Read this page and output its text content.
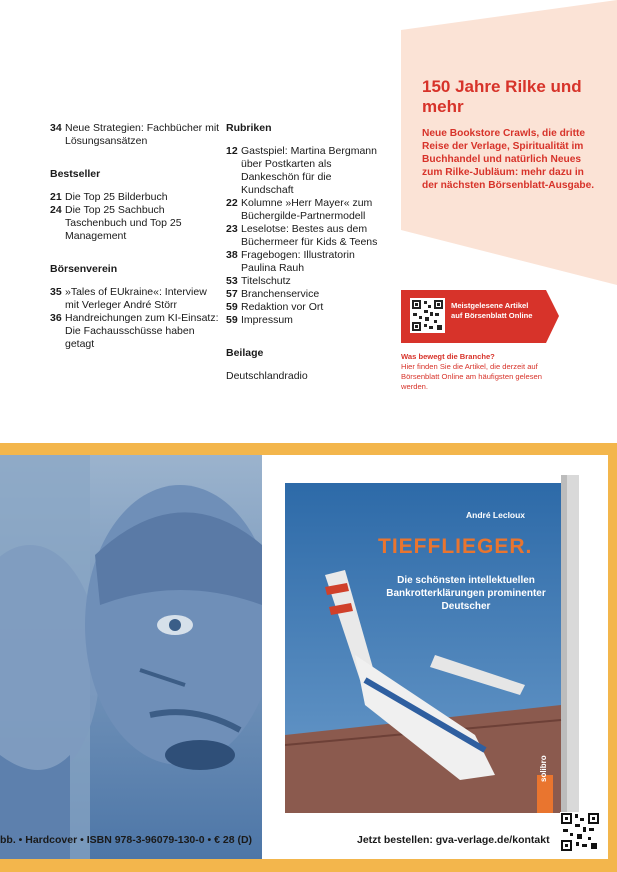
34 Neue Strategien: Fachbücher mit Lösungsansätzen
Bestseller
21 Die Top 25 Bilderbuch
24 Die Top 25 Sachbuch Taschenbuch und Top 25 Management
Börsenverein
35 »Tales of EUkraine«: Interview mit Verleger André Störr
36 Handreichungen zum KI-Einsatz: Die Fachausschüsse haben getagt
Rubriken
12 Gastspiel: Martina Bergmann über Postkarten als Dankeschön für die Kundschaft
22 Kolumne »Herr Mayer« zum Büchergilde-Partnermodell
23 Leselotse: Bestes aus dem Büchermeer für Kids & Teens
38 Fragebogen: Illustratorin Paulina Rauh
53 Titelschutz
57 Branchenservice
59 Redaktion vor Ort
59 Impressum
Beilage
Deutschlandradio
150 Jahre Rilke und mehr
Neue Bookstore Crawls, die dritte Reise der Verlage, Spiritualität im Buchhandel und natürlich Neues zum Rilke-Jubläum: mehr dazu in der nächsten Börsenblatt-Ausgabe.
Meistgelesene Artikel auf Börsenblatt Online
Was bewegt die Branche?
Hier finden Sie die Artikel, die derzeit auf Börsenblatt Online am häufigsten gelesen werden.
André Lecloux
TIEFFLIEGER.
Die schönsten intellektuellen Bankrotterklärungen prominenter Deutscher
solibro
bb. • Hardcover • ISBN 978-3-96079-130-0 • € 28 (D)	Jetzt bestellen: gva-verlage.de/kontakt
